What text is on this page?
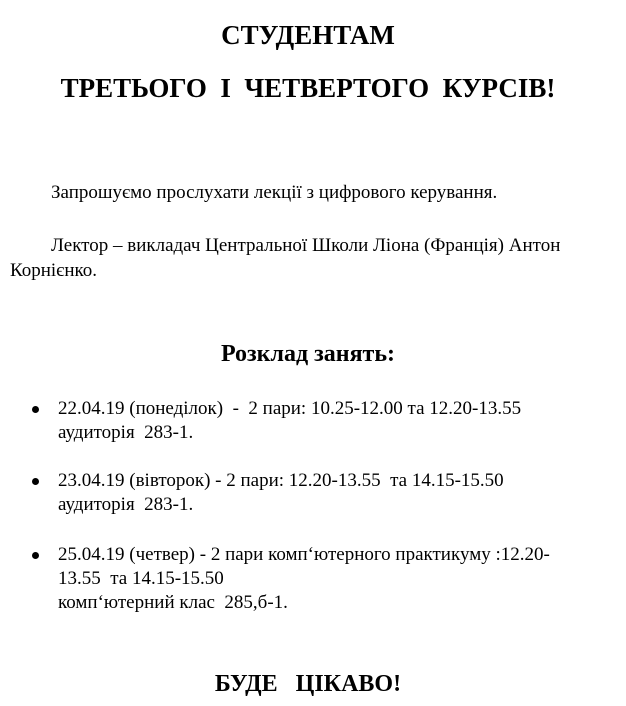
СТУДЕНТАМ
ТРЕТЬОГО  І  ЧЕТВЕРТОГО  КУРСІВ!
Запрошуємо прослухати лекції з цифрового керування.
Лектор – викладач Центральної Школи Ліона (Франція) Антон Корнієнко.
Розклад занять:
22.04.19 (понеділок)  -  2 пари: 10.25-12.00 та 12.20-13.55
аудиторія  283-1.
23.04.19 (вівторок) - 2 пари: 12.20-13.55  та 14.15-15.50
аудиторія  283-1.
25.04.19 (четвер) - 2 пари комп‘ютерного практикуму :12.20-
13.55  та 14.15-15.50
комп‘ютерний клас  285,б-1.
БУДЕ   ЦІКАВО!
